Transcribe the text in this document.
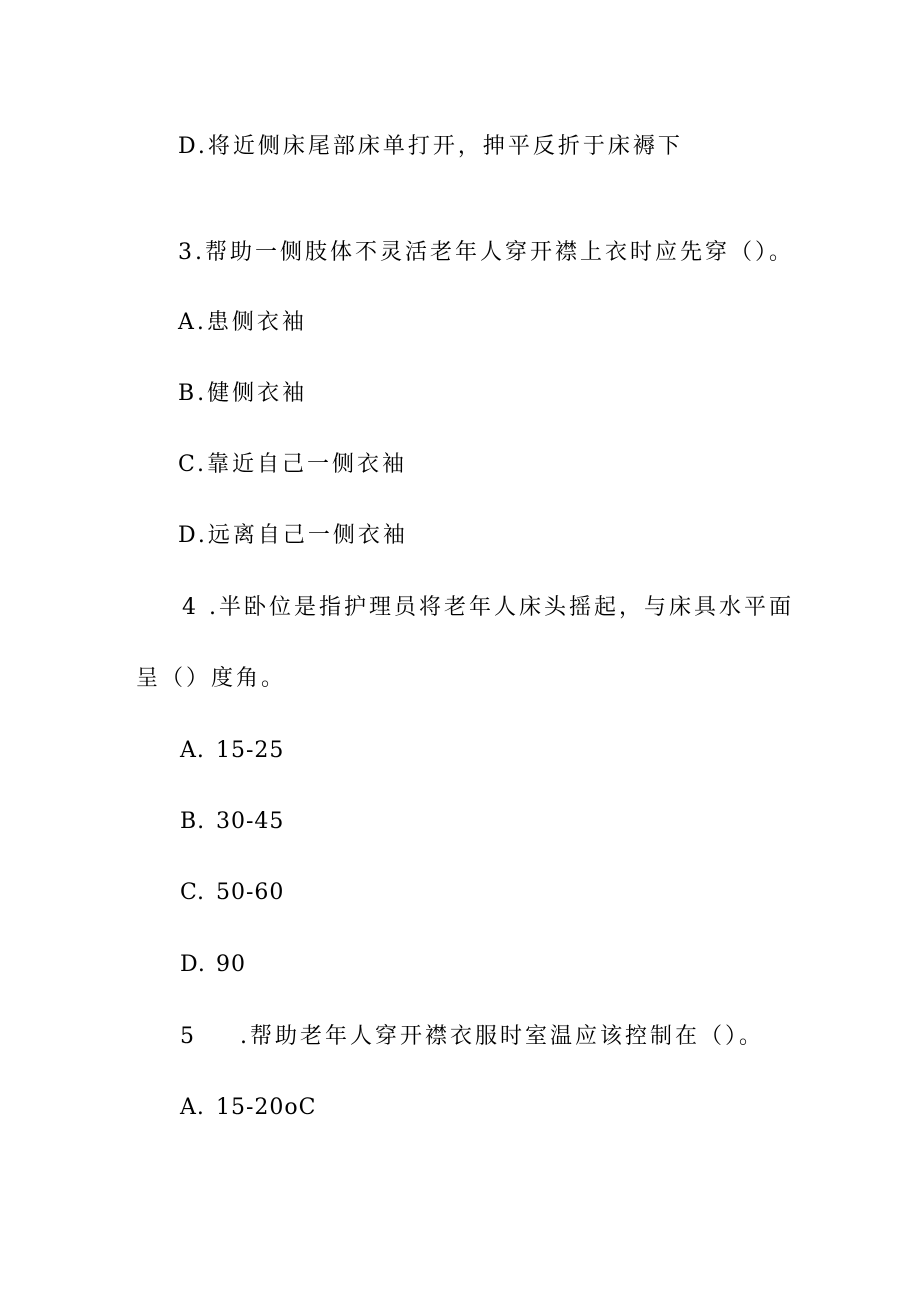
D.将近侧床尾部床单打开，抻平反折于床褥下
3.帮助一侧肢体不灵活老年人穿开襟上衣时应先穿（）。
A.患侧衣袖
B.健侧衣袖
C.靠近自己一侧衣袖
D.远离自己一侧衣袖
4 .半卧位是指护理员将老年人床头摇起，与床具水平面
呈（）度角。
A. 15-25
B. 30-45
C. 50-60
D. 90
5 .帮助老年人穿开襟衣服时室温应该控制在（）。
A. 15-20oC
